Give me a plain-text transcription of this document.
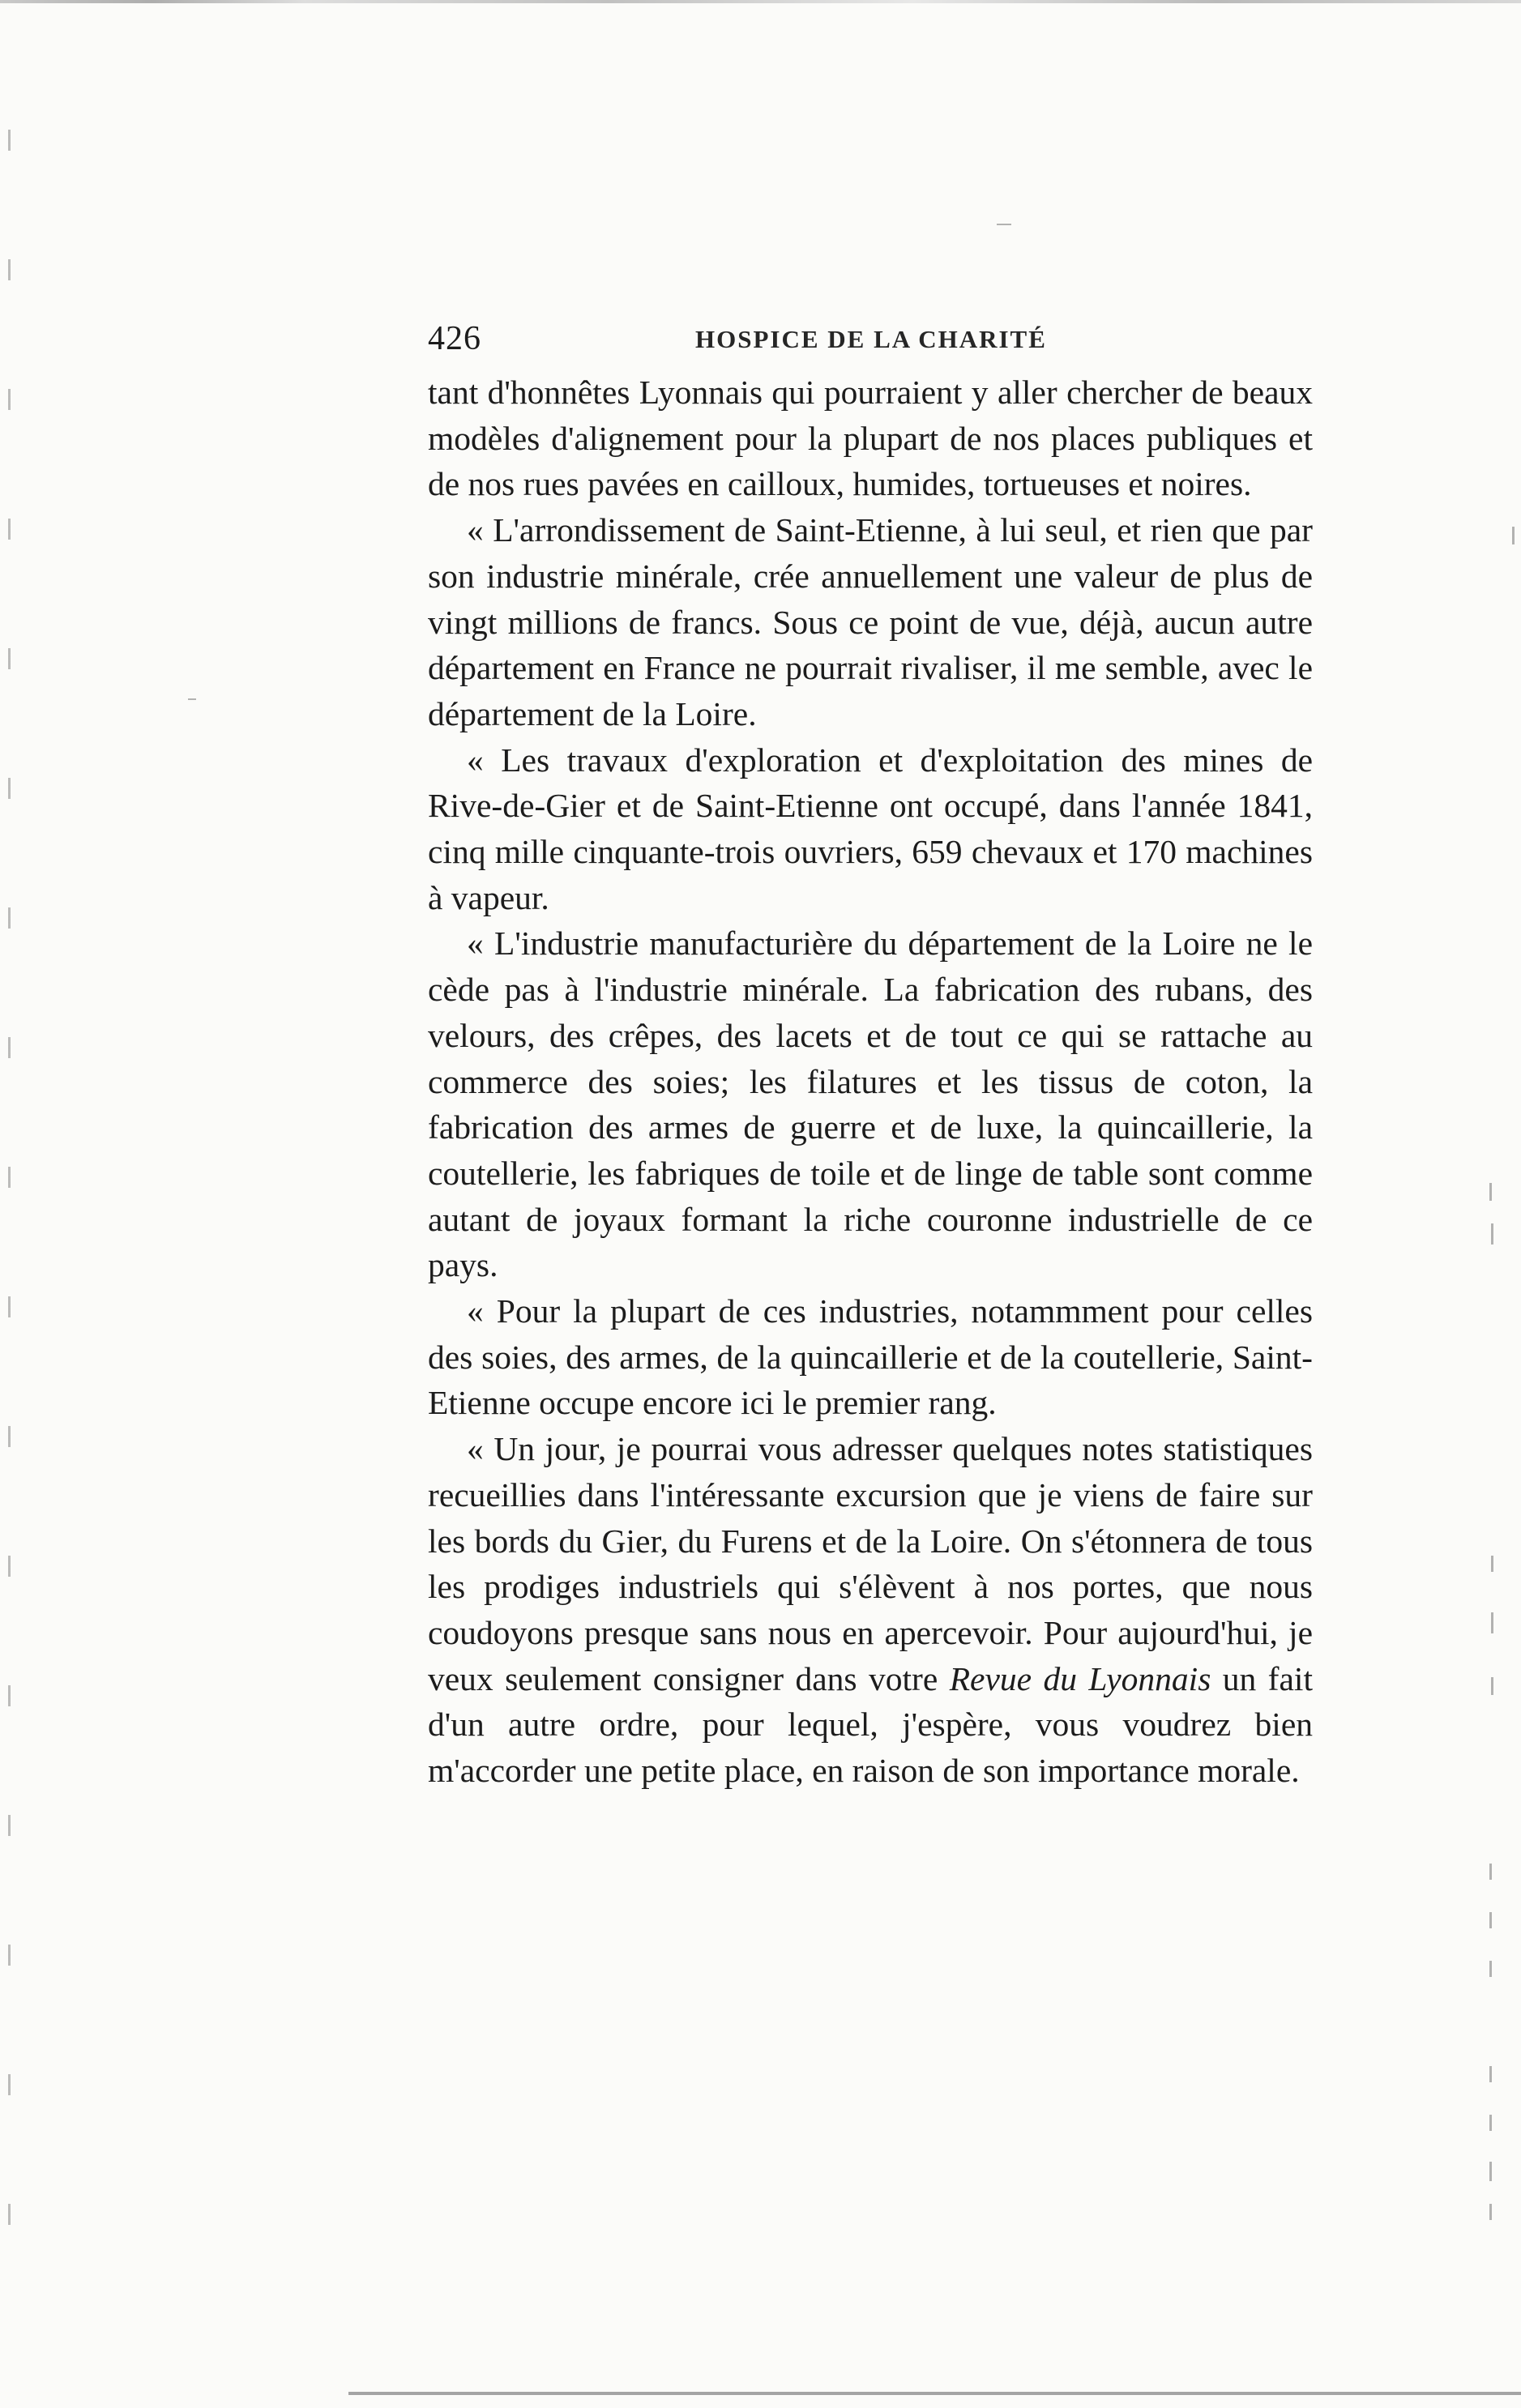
426	HOSPICE DE LA CHARITÉ

tant d'honnêtes Lyonnais qui pourraient y aller chercher de beaux modèles d'alignement pour la plupart de nos places publiques et de nos rues pavées en cailloux, humides, tortueuses et noires.

« L'arrondissement de Saint-Etienne, à lui seul, et rien que par son industrie minérale, crée annuellement une valeur de plus de vingt millions de francs. Sous ce point de vue, déjà, aucun autre département en France ne pourrait rivaliser, il me semble, avec le département de la Loire.

« Les travaux d'exploration et d'exploitation des mines de Rive-de-Gier et de Saint-Etienne ont occupé, dans l'année 1841, cinq mille cinquante-trois ouvriers, 659 chevaux et 170 machines à vapeur.

« L'industrie manufacturière du département de la Loire ne le cède pas à l'industrie minérale. La fabrication des rubans, des velours, des crêpes, des lacets et de tout ce qui se rattache au commerce des soies; les filatures et les tissus de coton, la fabrication des armes de guerre et de luxe, la quincaillerie, la coutellerie, les fabriques de toile et de linge de table sont comme autant de joyaux formant la riche couronne industrielle de ce pays.

« Pour la plupart de ces industries, notammment pour celles des soies, des armes, de la quincaillerie et de la coutellerie, Saint-Etienne occupe encore ici le premier rang.

« Un jour, je pourrai vous adresser quelques notes statistiques recueillies dans l'intéressante excursion que je viens de faire sur les bords du Gier, du Furens et de la Loire. On s'étonnera de tous les prodiges industriels qui s'élèvent à nos portes, que nous coudoyons presque sans nous en apercevoir. Pour aujourd'hui, je veux seulement consigner dans votre Revue du Lyonnais un fait d'un autre ordre, pour lequel, j'espère, vous voudrez bien m'accorder une petite place, en raison de son importance morale.
